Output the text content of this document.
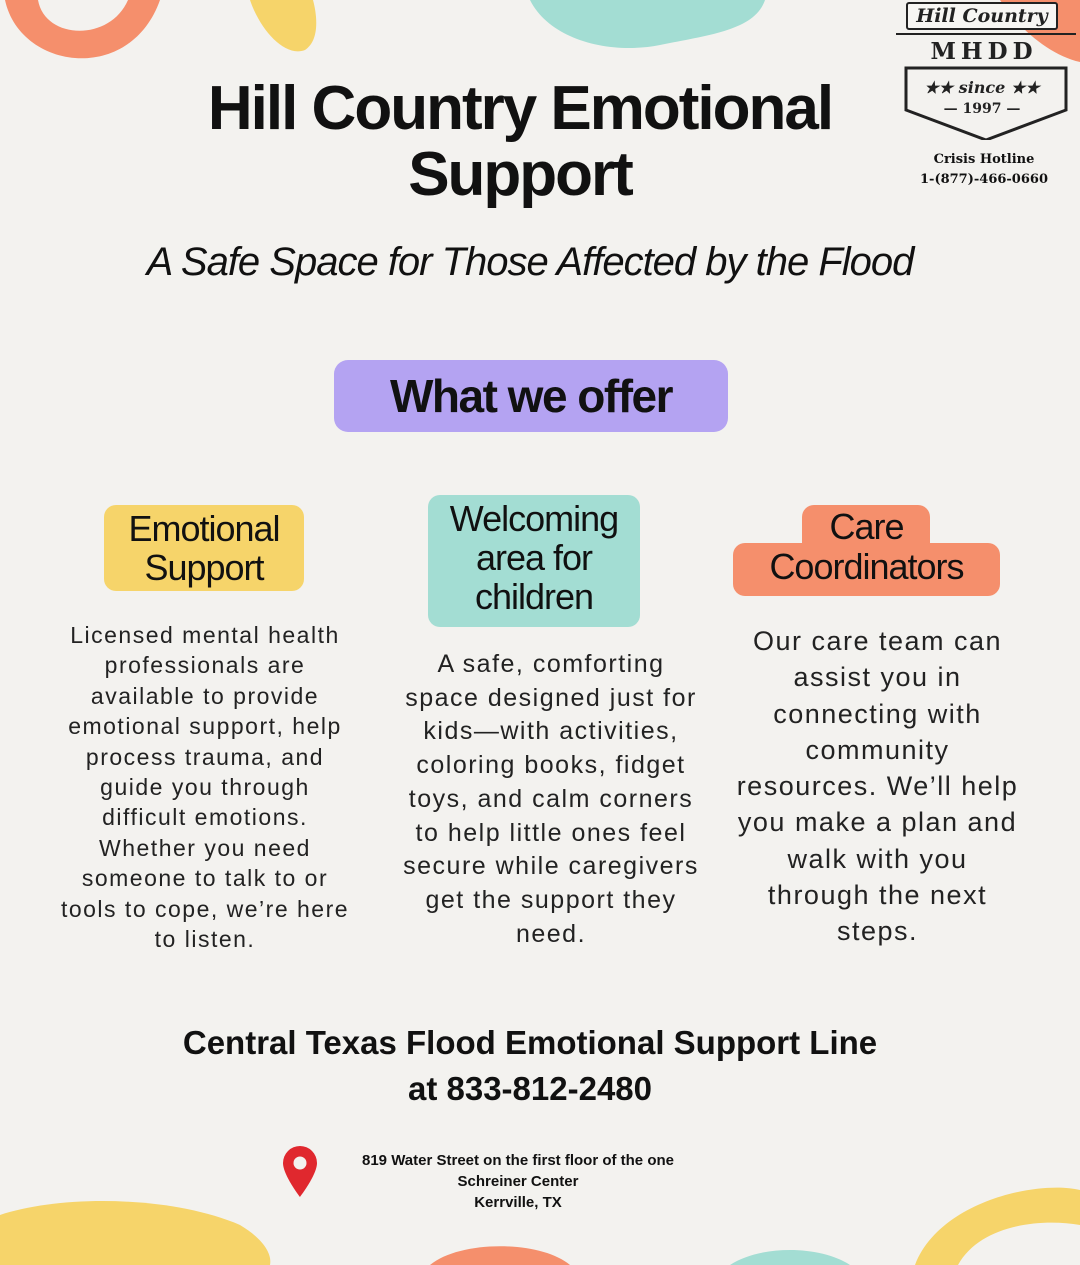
Hill Country
MHDD
★★ since ★★
— 1997 —
Crisis Hotline
1-(877)-466-0660
Hill Country Emotional Support

A Safe Space for Those Affected by the Flood

What we offer
Emotional Support

Licensed mental health professionals are available to provide emotional support, help process trauma, and guide you through difficult emotions. Whether you need someone to talk to or tools to cope, we’re here to listen.

Welcoming area for children

A safe, comforting space designed just for kids—with activities, coloring books, fidget toys, and calm corners to help little ones feel secure while caregivers get the support they need.

Care Coordinators

Our care team can assist you in connecting with community resources. We’ll help you make a plan and walk with you through the next steps.

Central Texas Flood Emotional Support Line
at 833-812-2480
819 Water Street on the first floor of the one
Schreiner Center
Kerrville, TX
